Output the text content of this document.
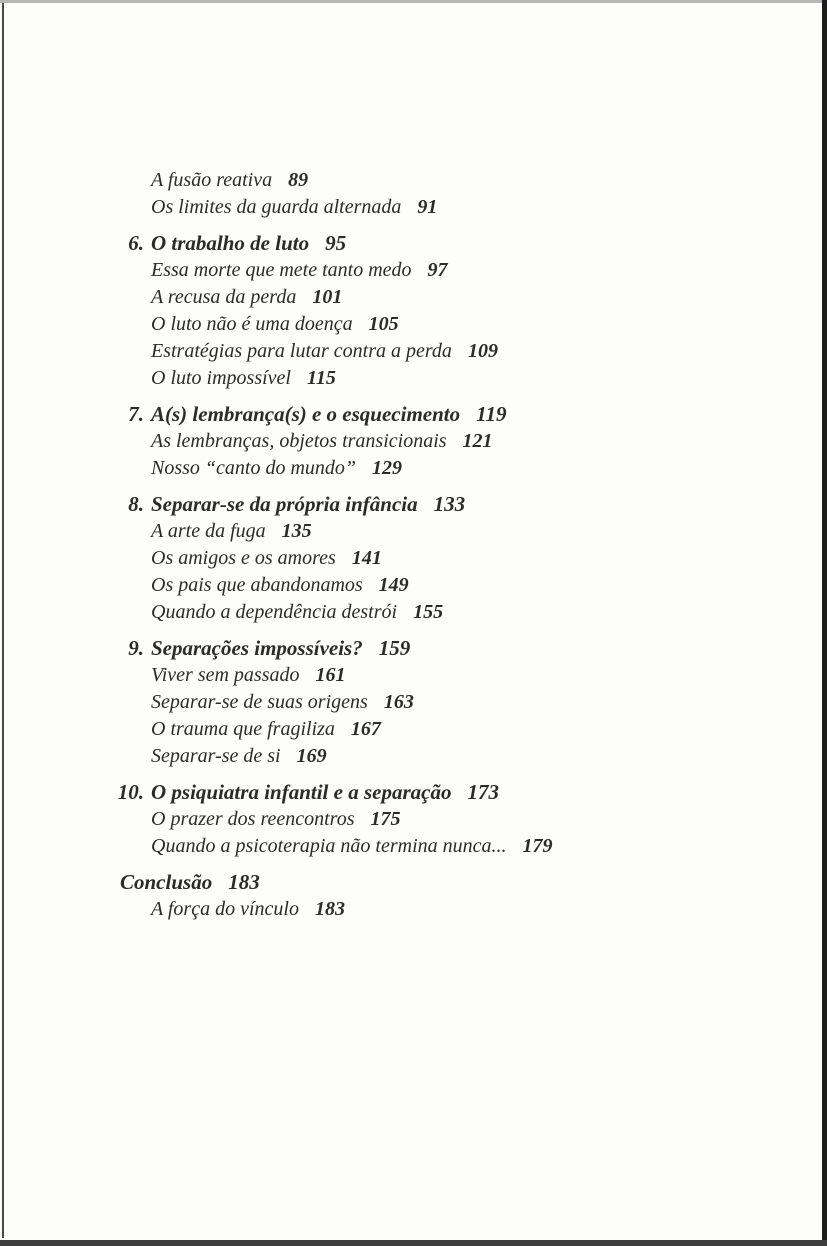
A fusão reativa 89
Os limites da guarda alternada 91
6. O trabalho de luto 95
Essa morte que mete tanto medo 97
A recusa da perda 101
O luto não é uma doença 105
Estratégias para lutar contra a perda 109
O luto impossível 115
7. A(s) lembrança(s) e o esquecimento 119
As lembranças, objetos transicionais 121
Nosso “canto do mundo” 129
8. Separar-se da própria infância 133
A arte da fuga 135
Os amigos e os amores 141
Os pais que abandonamos 149
Quando a dependência destrói 155
9. Separações impossíveis? 159
Viver sem passado 161
Separar-se de suas origens 163
O trauma que fragiliza 167
Separar-se de si 169
10. O psiquiatra infantil e a separação 173
O prazer dos reencontros 175
Quando a psicoterapia não termina nunca... 179
Conclusão 183
A força do vínculo 183
